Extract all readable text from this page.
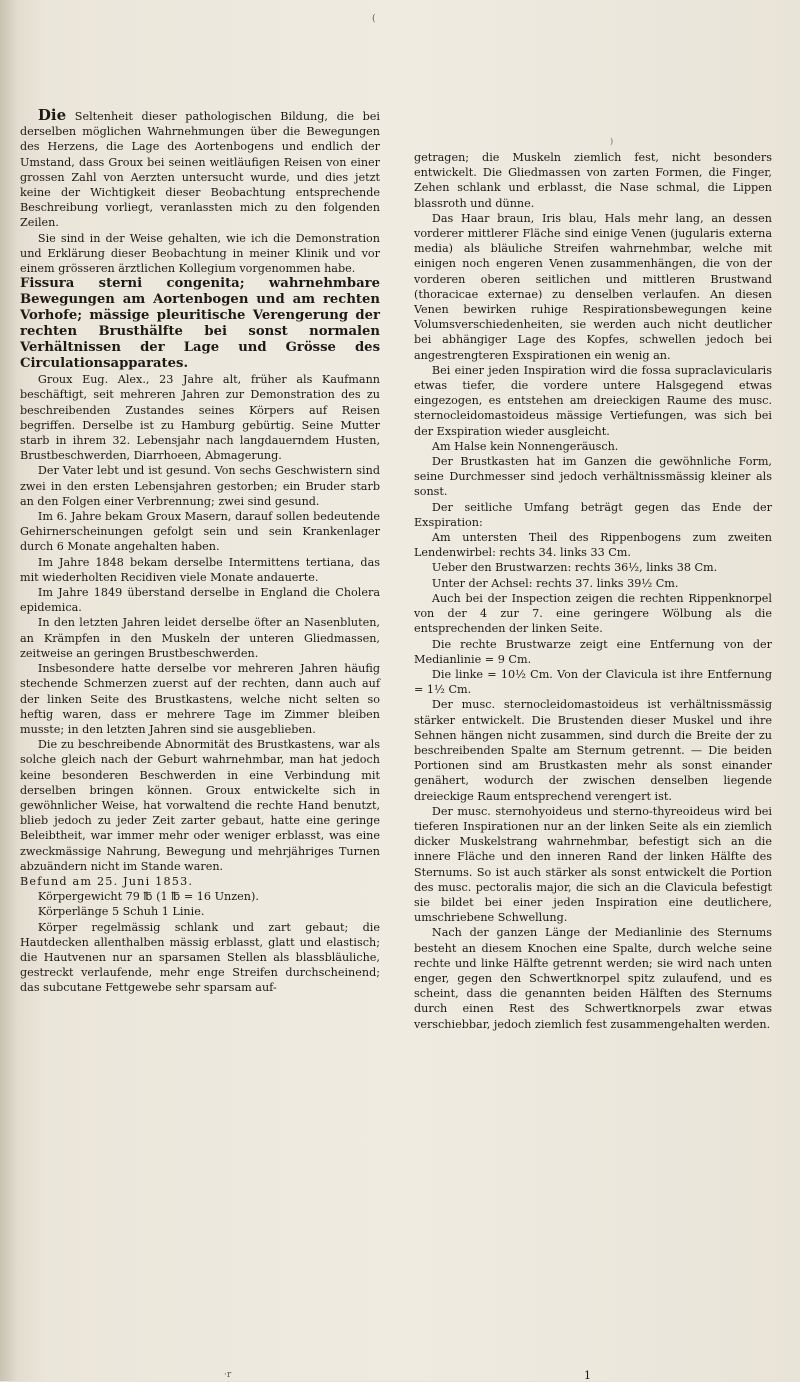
(
)

Die Seltenheit dieser pathologischen Bildung, die bei derselben möglichen Wahrnehmungen über die Bewegungen des Herzens, die Lage des Aortenbogens und endlich der Umstand, dass Groux bei seinen weitläufigen Reisen von einer grossen Zahl von Aerzten untersucht wurde, und dies jetzt keine der Wichtigkeit dieser Beobachtung entsprechende Beschreibung vorliegt, veranlassten mich zu den folgenden Zeilen.

Sie sind in der Weise gehalten, wie ich die Demonstration und Erklärung dieser Beobachtung in meiner Klinik und vor einem grösseren ärztlichen Kollegium vorgenommen habe.

Fissura sterni congenita; wahrnehmbare Bewegungen am Aortenbogen und am rechten Vorhofe; mässige pleuritische Verengerung der rechten Brusthälfte bei sonst normalen Verhältnissen der Lage und Grösse des Circulationsapparates.

Groux Eug. Alex., 23 Jahre alt, früher als Kaufmann beschäftigt, seit mehreren Jahren zur Demonstration des zu beschreibenden Zustandes seines Körpers auf Reisen begriffen. Derselbe ist zu Hamburg gebürtig. Seine Mutter starb in ihrem 32. Lebensjahr nach langdauerndem Husten, Brustbeschwerden, Diarrhoeen, Abmagerung.

Der Vater lebt und ist gesund. Von sechs Geschwistern sind zwei in den ersten Lebensjahren gestorben; ein Bruder starb an den Folgen einer Verbrennung; zwei sind gesund.

Im 6. Jahre bekam Groux Masern, darauf sollen bedeutende Gehirnerscheinungen gefolgt sein und sein Krankenlager durch 6 Monate angehalten haben.

Im Jahre 1848 bekam derselbe Intermittens tertiana, das mit wiederholten Recidiven viele Monate andauerte.

Im Jahre 1849 überstand derselbe in England die Cholera epidemica.

In den letzten Jahren leidet derselbe öfter an Nasenbluten, an Krämpfen in den Muskeln der unteren Gliedmassen, zeitweise an geringen Brustbeschwerden.

Insbesondere hatte derselbe vor mehreren Jahren häufig stechende Schmerzen zuerst auf der rechten, dann auch auf der linken Seite des Brustkastens, welche nicht selten so heftig waren, dass er mehrere Tage im Zimmer bleiben musste; in den letzten Jahren sind sie ausgeblieben.

Die zu beschreibende Abnormität des Brustkastens, war als solche gleich nach der Geburt wahrnehmbar, man hat jedoch keine besonderen Beschwerden in eine Verbindung mit derselben bringen können. Groux entwickelte sich in gewöhnlicher Weise, hat vorwaltend die rechte Hand benutzt, blieb jedoch zu jeder Zeit zarter gebaut, hatte eine geringe Beleibtheit, war immer mehr oder weniger erblasst, was eine zweckmässige Nahrung, Bewegung und mehrjähriges Turnen abzuändern nicht im Stande waren.

Befund am 25. Juni 1853.

Körpergewicht 79 ℔ (1 ℔ = 16 Unzen).

Körperlänge 5 Schuh 1 Linie.

Körper regelmässig schlank und zart gebaut; die Hautdecken allenthalben mässig erblasst, glatt und elastisch; die Hautvenen nur an sparsamen Stellen als blassbläuliche, gestreckt verlaufende, mehr enge Streifen durchscheinend; das subcutane Fettgewebe sehr sparsam auf-

getragen; die Muskeln ziemlich fest, nicht besonders entwickelt. Die Gliedmassen von zarten Formen, die Finger, Zehen schlank und erblasst, die Nase schmal, die Lippen blassroth und dünne.

Das Haar braun, Iris blau, Hals mehr lang, an dessen vorderer mittlerer Fläche sind einige Venen (jugularis externa media) als bläuliche Streifen wahrnehmbar, welche mit einigen noch engeren Venen zusammenhängen, die von der vorderen oberen seitlichen und mittleren Brustwand (thoracicae externae) zu denselben verlaufen. An diesen Venen bewirken ruhige Respirationsbewegungen keine Volumsverschiedenheiten, sie werden auch nicht deutlicher bei abhängiger Lage des Kopfes, schwellen jedoch bei angestrengteren Exspirationen ein wenig an.

Bei einer jeden Inspiration wird die fossa supraclavicularis etwas tiefer, die vordere untere Halsgegend etwas eingezogen, es entstehen am dreieckigen Raume des musc. sternocleidomastoideus mässige Vertiefungen, was sich bei der Exspiration wieder ausgleicht.

Am Halse kein Nonnengeräusch.

Der Brustkasten hat im Ganzen die gewöhnliche Form, seine Durchmesser sind jedoch verhältnissmässig kleiner als sonst.

Der seitliche Umfang beträgt gegen das Ende der Exspiration:

Am untersten Theil des Rippenbogens zum zweiten Lendenwirbel: rechts 34. links 33 Cm.

Ueber den Brustwarzen: rechts 36½, links 38 Cm.

Unter der Achsel: rechts 37. links 39½ Cm.

Auch bei der Inspection zeigen die rechten Rippenknorpel von der 4 zur 7. eine geringere Wölbung als die entsprechenden der linken Seite.

Die rechte Brustwarze zeigt eine Entfernung von der Medianlinie = 9 Cm.

Die linke = 10½ Cm. Von der Clavicula ist ihre Entfernung = 1½ Cm.

Der musc. sternocleidomastoideus ist verhältnissmässig stärker entwickelt. Die Brustenden dieser Muskel und ihre Sehnen hängen nicht zusammen, sind durch die Breite der zu beschreibenden Spalte am Sternum getrennt. — Die beiden Portionen sind am Brustkasten mehr als sonst einander genähert, wodurch der zwischen denselben liegende dreieckige Raum entsprechend verengert ist.

Der musc. sternohyoideus und sterno-thyreoideus wird bei tieferen Inspirationen nur an der linken Seite als ein ziemlich dicker Muskelstrang wahrnehmbar, befestigt sich an die innere Fläche und den inneren Rand der linken Hälfte des Sternums. So ist auch stärker als sonst entwickelt die Portion des musc. pectoralis major, die sich an die Clavicula befestigt sie bildet bei einer jeden Inspiration eine deutlichere, umschriebene Schwellung.

Nach der ganzen Länge der Medianlinie des Sternums besteht an diesem Knochen eine Spalte, durch welche seine rechte und linke Hälfte getrennt werden; sie wird nach unten enger, gegen den Schwertknorpel spitz zulaufend, und es scheint, dass die genannten beiden Hälften des Sternums durch einen Rest des Schwertknorpels zwar etwas verschiebbar, jedoch ziemlich fest zusammengehalten werden.

·r	1
